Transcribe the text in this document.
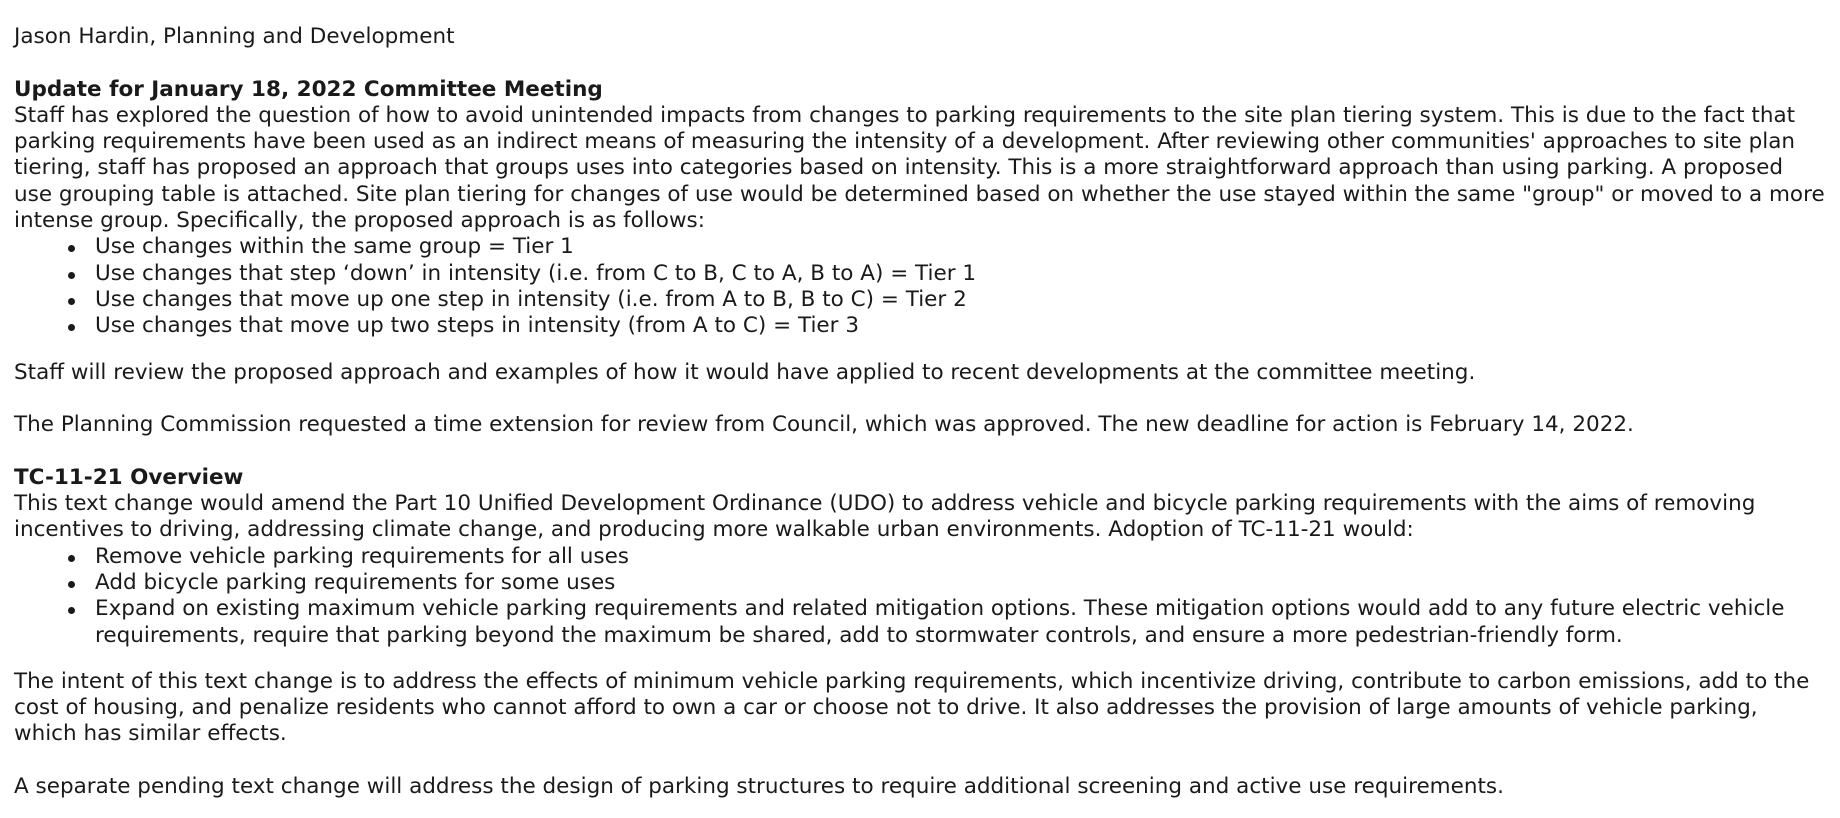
Jason Hardin, Planning and Development

Update for January 18, 2022 Committee Meeting

Staff has explored the question of how to avoid unintended impacts from changes to parking requirements to the site plan tiering system. This is due to the fact that parking requirements have been used as an indirect means of measuring the intensity of a development. After reviewing other communities' approaches to site plan tiering, staff has proposed an approach that groups uses into categories based on intensity. This is a more straightforward approach than using parking. A proposed use grouping table is attached. Site plan tiering for changes of use would be determined based on whether the use stayed within the same "group" or moved to a more intense group. Specifically, the proposed approach is as follows:

Use changes within the same group = Tier 1
Use changes that step ‘down’ in intensity (i.e. from C to B, C to A, B to A) = Tier 1
Use changes that move up one step in intensity (i.e. from A to B, B to C) = Tier 2
Use changes that move up two steps in intensity (from A to C) = Tier 3

Staff will review the proposed approach and examples of how it would have applied to recent developments at the committee meeting.

The Planning Commission requested a time extension for review from Council, which was approved. The new deadline for action is February 14, 2022.

TC-11-21 Overview

This text change would amend the Part 10 Unified Development Ordinance (UDO) to address vehicle and bicycle parking requirements with the aims of removing incentives to driving, addressing climate change, and producing more walkable urban environments. Adoption of TC-11-21 would:

Remove vehicle parking requirements for all uses
Add bicycle parking requirements for some uses
Expand on existing maximum vehicle parking requirements and related mitigation options. These mitigation options would add to any future electric vehicle requirements, require that parking beyond the maximum be shared, add to stormwater controls, and ensure a more pedestrian-friendly form.

The intent of this text change is to address the effects of minimum vehicle parking requirements, which incentivize driving, contribute to carbon emissions, add to the cost of housing, and penalize residents who cannot afford to own a car or choose not to drive. It also addresses the provision of large amounts of vehicle parking, which has similar effects.

A separate pending text change will address the design of parking structures to require additional screening and active use requirements.
